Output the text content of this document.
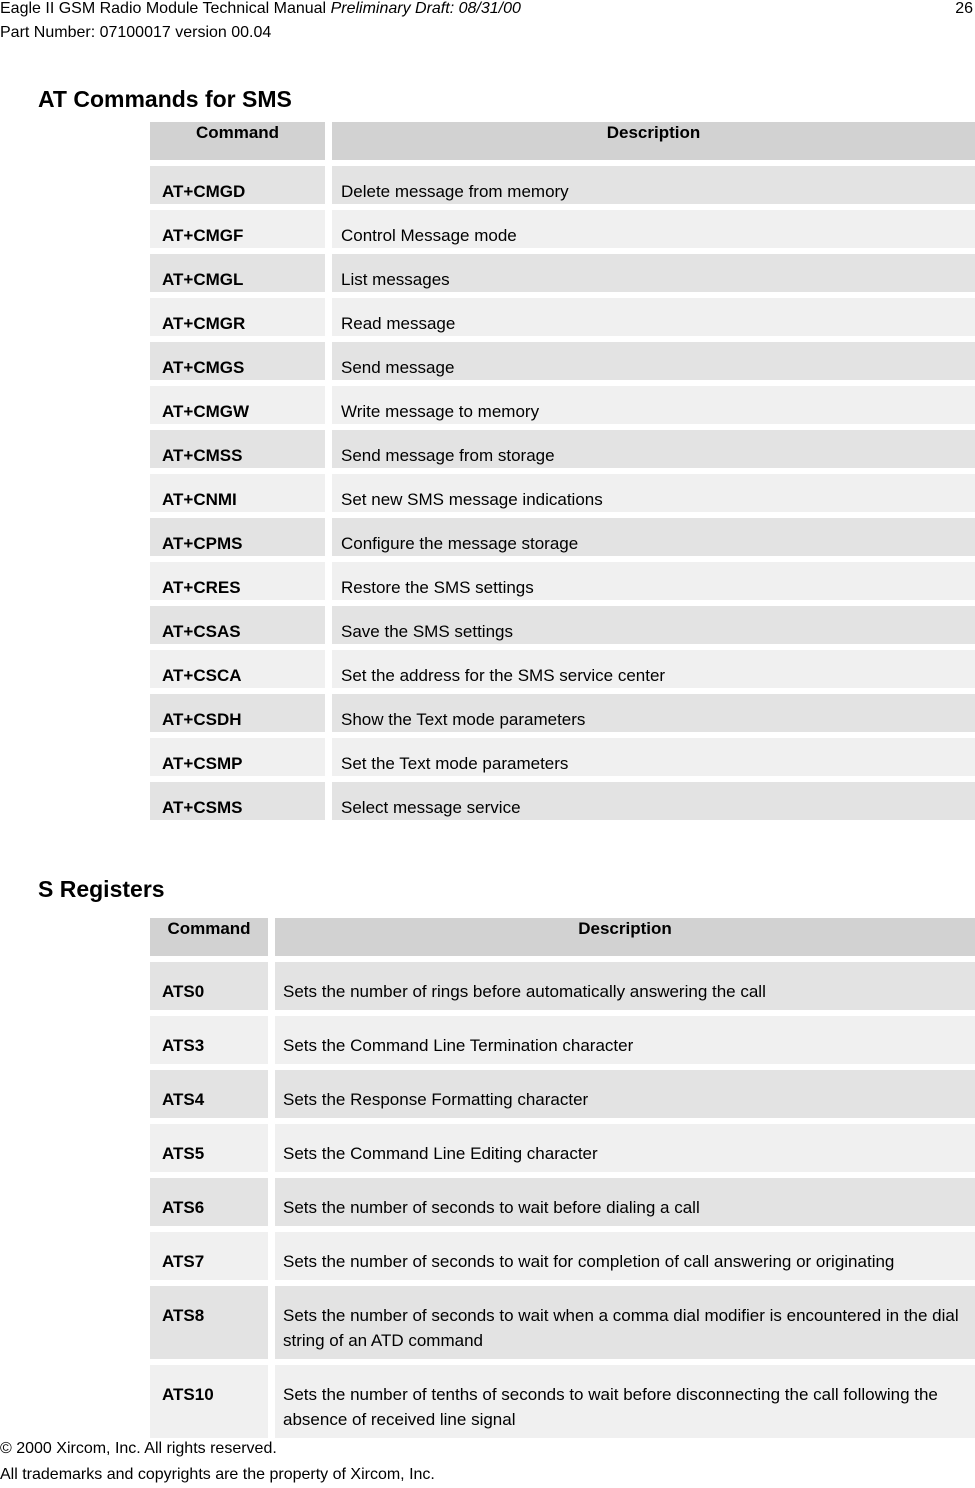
Eagle II GSM Radio Module Technical Manual Preliminary Draft: 08/31/00	26
Part Number: 07100017 version 00.04
AT Commands for SMS
Command		Description

AT+CMGD		Delete message from memory

AT+CMGF		Control Message mode

AT+CMGL		List messages

AT+CMGR		Read message

AT+CMGS		Send message

AT+CMGW		Write message to memory

AT+CMSS		Send message from storage

AT+CNMI		Set new SMS message indications

AT+CPMS		Configure the message storage

AT+CRES		Restore the SMS settings

AT+CSAS		Save the SMS settings

AT+CSCA		Set the address for the SMS service center

AT+CSDH		Show the Text mode parameters

AT+CSMP		Set the Text mode parameters

AT+CSMS		Select message service
S Registers
Command		Description

ATS0		Sets the number of rings before automatically answering the call

ATS3		Sets the Command Line Termination character

ATS4		Sets the Response Formatting character

ATS5		Sets the Command Line Editing character

ATS6		Sets the number of seconds to wait before dialing a call

ATS7		Sets the number of seconds to wait for completion of call answering or originating

ATS8		Sets the number of seconds to wait when a comma dial modifier is encountered in the dial string of an ATD command

ATS10		Sets the number of tenths of seconds to wait before disconnecting the call following the absence of received line signal
© 2000 Xircom, Inc. All rights reserved.
All trademarks and copyrights are the property of Xircom, Inc.
